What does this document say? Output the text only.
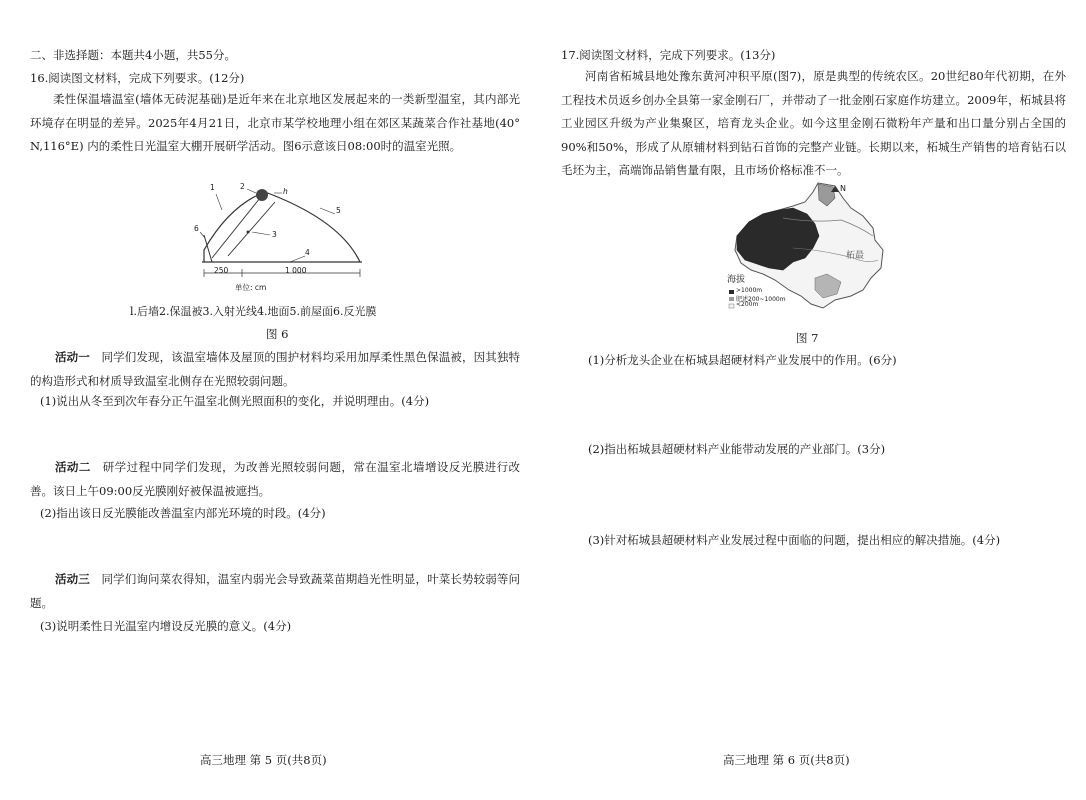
二、非选择题：本题共4小题，共55分。
16.阅读图文材料，完成下列要求。(12分)
柔性保温墙温室(墙体无砖泥基础)是近年来在北京地区发展起来的一类新型温室，其内部光环境存在明显的差异。2025年4月21日，北京市某学校地理小组在郊区某蔬菜合作社基地(40° N,116°E) 内的柔性日光温室大棚开展研学活动。图6示意该日08:00时的温室光照。
1	2
h
3
4
5
6
250	1 000
单位: cm
l.后墙2.保温被3.入射光线4.地面5.前屋面6.反光膜
图 6
活动一　 同学们发现，该温室墙体及屋顶的围护材料均采用加厚柔性黑色保温被，因其独特的构造形式和材质导致温室北侧存在光照较弱问题。
(1)说出从冬至到次年春分正午温室北侧光照面积的变化，并说明理由。(4分)
活动二　 研学过程中同学们发现，为改善光照较弱问题，常在温室北墙增设反光膜进行改善。该日上午09:00反光膜刚好被保温被遮挡。
(2)指出该日反光膜能改善温室内部光环境的时段。(4分)
活动三　 同学们询问菜农得知，温室内弱光会导致蔬菜苗期趋光性明显，叶菜长势较弱等问题。
(3)说明柔性日光温室内增设反光膜的意义。(4分)
高三地理 第 5 页(共8页)
17.阅读图文材料，完成下列要求。(13分)
河南省柘城县地处豫东黄河冲积平原(图7)，原是典型的传统农区。20世纪80年代初期，在外工程技术员返乡创办全县第一家金刚石厂，并带动了一批金刚石家庭作坊建立。2009年，柘城县将工业园区升级为产业集聚区，培育龙头企业。如今这里金刚石微粉年产量和出口量分别占全国的90%和50%，形成了从原辅材料到钻石首饰的完整产业链。长期以来，柘城生产销售的培育钻石以毛坯为主，高端饰品销售量有限，且市场价格标准不一。
N
柘最
海拔
>1000m
肥述200~1000m
<200m
图 7
(1)分析龙头企业在柘城县超硬材料产业发展中的作用。(6分)
(2)指出柘城县超硬材料产业能带动发展的产业部门。(3分)
(3)针对柘城县超硬材料产业发展过程中面临的问题，提出相应的解决措施。(4分)
高三地理 第 6 页(共8页)
